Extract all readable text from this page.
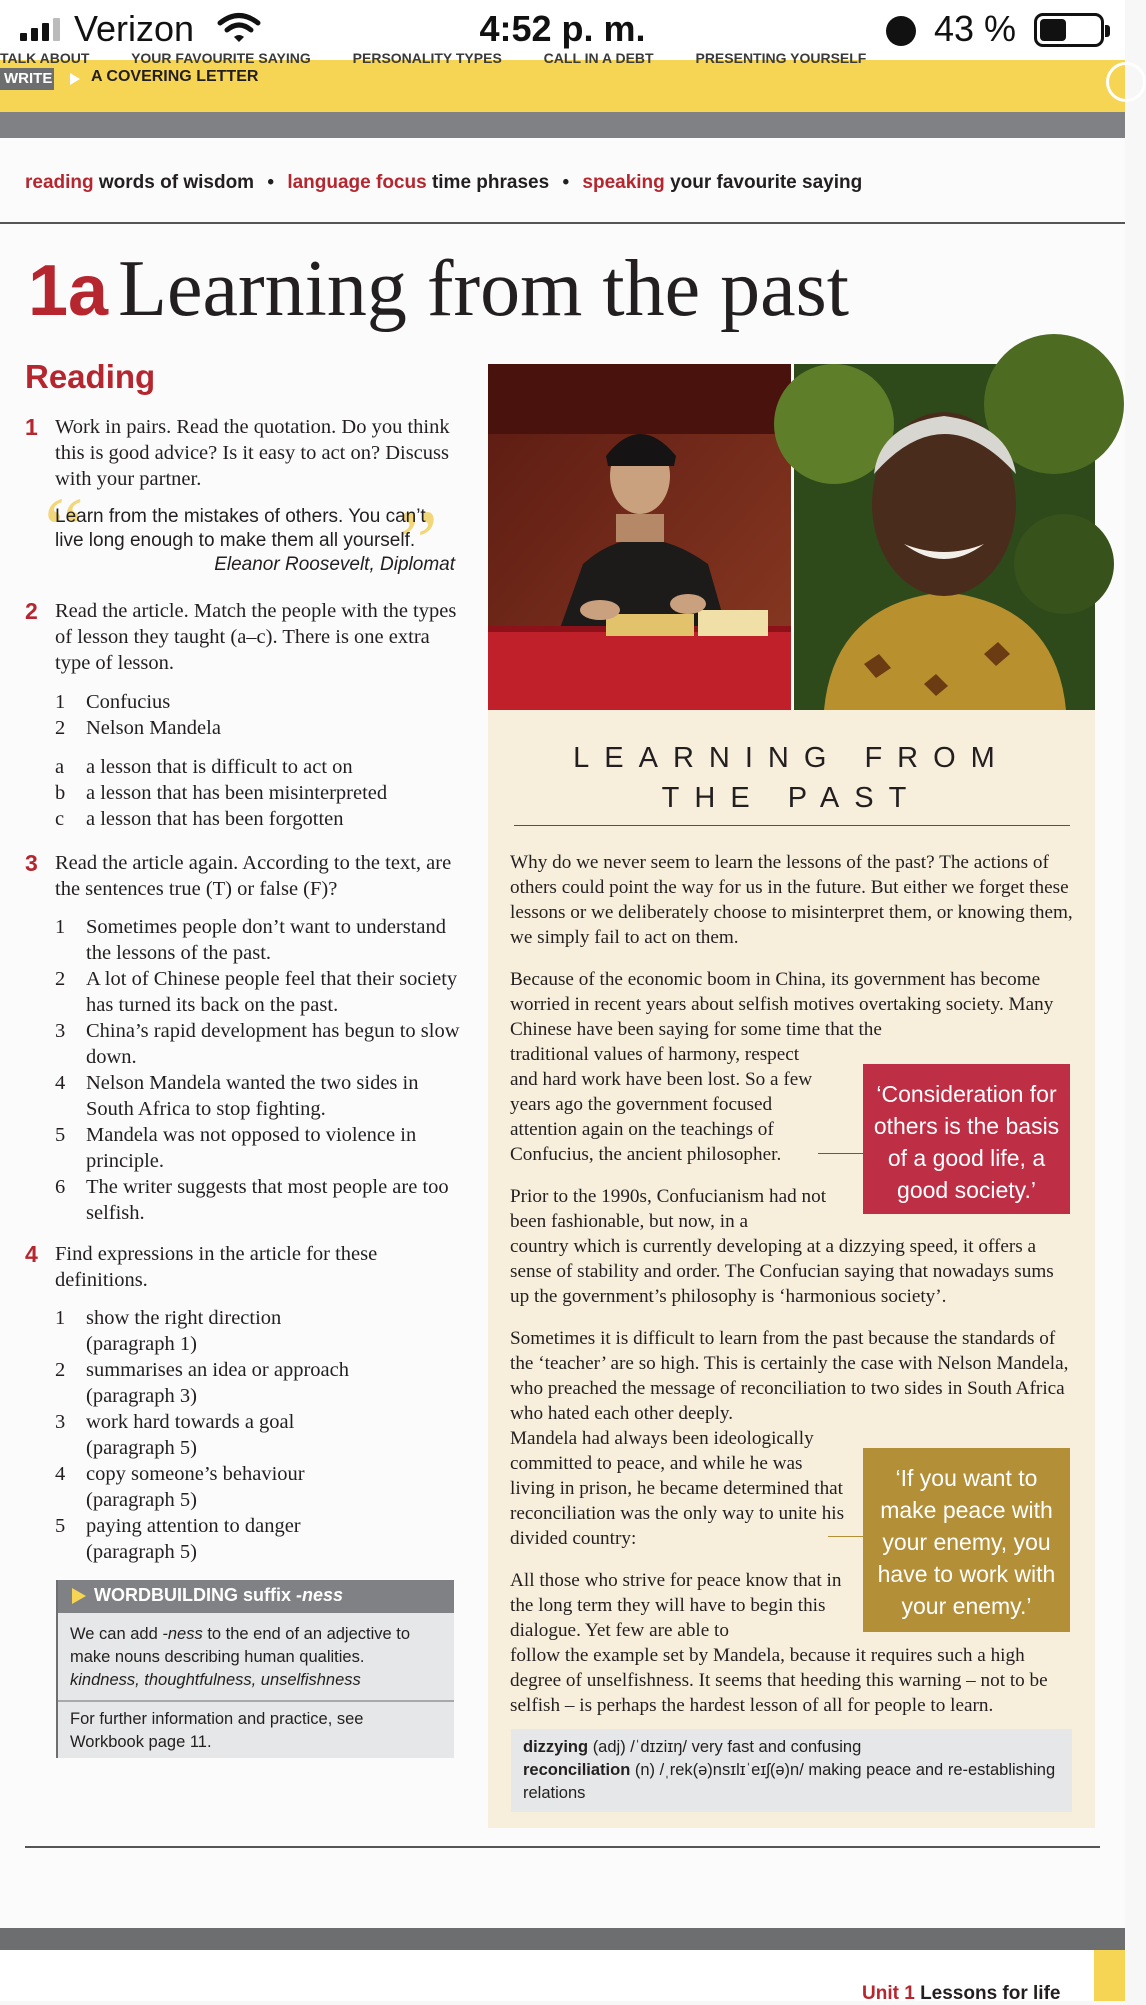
Verizon	4:52 p. m.	43 %
TALK ABOUT	YOUR FAVOURITE SAYING	PERSONALITY TYPES	CALL IN A DEBT	PRESENTING YOURSELF
WRITE A COVERING LETTER
reading words of wisdom • language focus time phrases • speaking your favourite saying
1a Learning from the past
Reading
1 Work in pairs. Read the quotation. Do you think this is good advice? Is it easy to act on? Discuss with your partner.
“	”
Learn from the mistakes of others. You can’t live long enough to make them all yourself.
Eleanor Roosevelt, Diplomat
2 Read the article. Match the people with the types of lesson they taught (a–c). There is one extra type of lesson.
1	Confucius
2	Nelson Mandela
a	a lesson that is difficult to act on
b	a lesson that has been misinterpreted
c	a lesson that has been forgotten
3 Read the article again. According to the text, are the sentences true (T) or false (F)?
1	Sometimes people don’t want to understand the lessons of the past.
2	A lot of Chinese people feel that their society has turned its back on the past.
3	China’s rapid development has begun to slow down.
4	Nelson Mandela wanted the two sides in South Africa to stop fighting.
5	Mandela was not opposed to violence in principle.
6	The writer suggests that most people are too selfish.
4 Find expressions in the article for these definitions.
1	show the right direction
(paragraph 1)
2	summarises an idea or approach
(paragraph 3)
3	work hard towards a goal
(paragraph 5)
4	copy someone’s behaviour
(paragraph 5)
5	paying attention to danger
(paragraph 5)
WORDBUILDING suffix -ness
We can add -ness to the end of an adjective to make nouns describing human qualities.
kindness, thoughtfulness, unselfishness
For further information and practice, see Workbook page 11.
LEARNING FROM
THE PAST
Why do we never seem to learn the lessons of the past? The actions of others could point the way for us in the future. But either we forget these lessons or we deliberately choose to misinterpret them, or knowing them, we simply fail to act on them.
Because of the economic boom in China, its government has become worried in recent years about selfish motives overtaking society. Many Chinese have been saying for some time that the
traditional values of harmony, respect and hard work have been lost. So a few years ago the government focused attention again on the teachings of Confucius, the ancient philosopher.
Prior to the 1990s, Confucianism had not been fashionable, but now, in a
country which is currently developing at a dizzying speed, it offers a sense of stability and order. The Confucian saying that nowadays sums up the government’s philosophy is ‘harmonious society’.
Sometimes it is difficult to learn from the past because the standards of the ‘teacher’ are so high. This is certainly the case with Nelson Mandela, who preached the message of reconciliation to two sides in South Africa who hated each other deeply.
Mandela had always been ideologically committed to peace, and while he was living in prison, he became determined that reconciliation was the only way to unite his divided country:
All those who strive for peace know that in the long term they will have to begin this dialogue. Yet few are able to
follow the example set by Mandela, because it requires such a high degree of unselfishness. It seems that heeding this warning – not to be selfish – is perhaps the hardest lesson of all for people to learn.
‘Consideration for others is the basis of a good life, a good society.’
‘If you want to make peace with your enemy, you have to work with your enemy.’
dizzying (adj) /ˈdɪziɪŋ/ very fast and confusing
reconciliation (n) /ˌrek(ə)nsɪlɪˈeɪʃ(ə)n/ making peace and re-establishing relations
Unit 1 Lessons for life
